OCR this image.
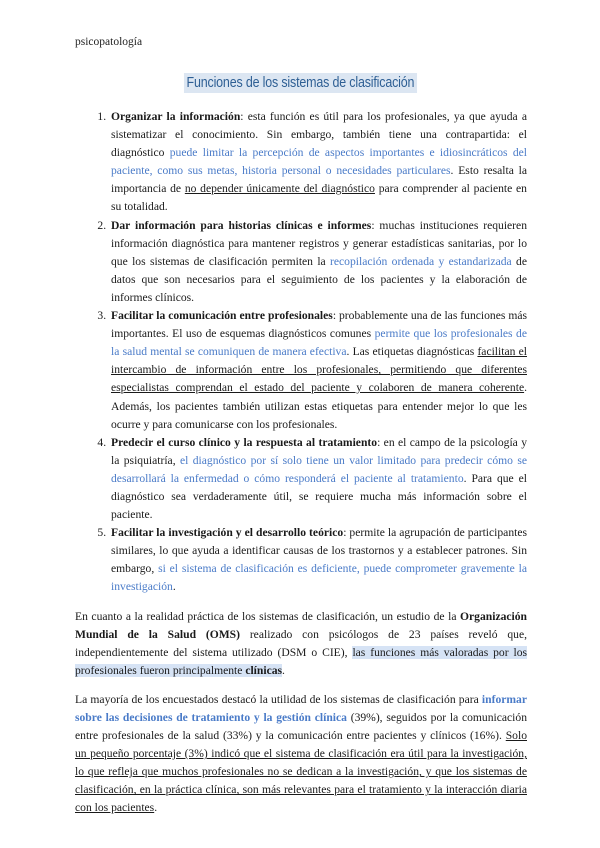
psicopatología
Funciones de los sistemas de clasificación
1. Organizar la información: esta función es útil para los profesionales, ya que ayuda a sistematizar el conocimiento. Sin embargo, también tiene una contrapartida: el diagnóstico puede limitar la percepción de aspectos importantes e idiosincráticos del paciente, como sus metas, historia personal o necesidades particulares. Esto resalta la importancia de no depender únicamente del diagnóstico para comprender al paciente en su totalidad.
2. Dar información para historias clínicas e informes: muchas instituciones requieren información diagnóstica para mantener registros y generar estadísticas sanitarias, por lo que los sistemas de clasificación permiten la recopilación ordenada y estandarizada de datos que son necesarios para el seguimiento de los pacientes y la elaboración de informes clínicos.
3. Facilitar la comunicación entre profesionales: probablemente una de las funciones más importantes. El uso de esquemas diagnósticos comunes permite que los profesionales de la salud mental se comuniquen de manera efectiva. Las etiquetas diagnósticas facilitan el intercambio de información entre los profesionales, permitiendo que diferentes especialistas comprendan el estado del paciente y colaboren de manera coherente. Además, los pacientes también utilizan estas etiquetas para entender mejor lo que les ocurre y para comunicarse con los profesionales.
4. Predecir el curso clínico y la respuesta al tratamiento: en el campo de la psicología y la psiquiatría, el diagnóstico por sí solo tiene un valor limitado para predecir cómo se desarrollará la enfermedad o cómo responderá el paciente al tratamiento. Para que el diagnóstico sea verdaderamente útil, se requiere mucha más información sobre el paciente.
5. Facilitar la investigación y el desarrollo teórico: permite la agrupación de participantes similares, lo que ayuda a identificar causas de los trastornos y a establecer patrones. Sin embargo, si el sistema de clasificación es deficiente, puede comprometer gravemente la investigación.

En cuanto a la realidad práctica de los sistemas de clasificación, un estudio de la Organización Mundial de la Salud (OMS) realizado con psicólogos de 23 países reveló que, independientemente del sistema utilizado (DSM o CIE), las funciones más valoradas por los profesionales fueron principalmente clínicas.

La mayoría de los encuestados destacó la utilidad de los sistemas de clasificación para informar sobre las decisiones de tratamiento y la gestión clínica (39%), seguidos por la comunicación entre profesionales de la salud (33%) y la comunicación entre pacientes y clínicos (16%). Solo un pequeño porcentaje (3%) indicó que el sistema de clasificación era útil para la investigación, lo que refleja que muchos profesionales no se dedican a la investigación, y que los sistemas de clasificación, en la práctica clínica, son más relevantes para el tratamiento y la interacción diaria con los pacientes.
